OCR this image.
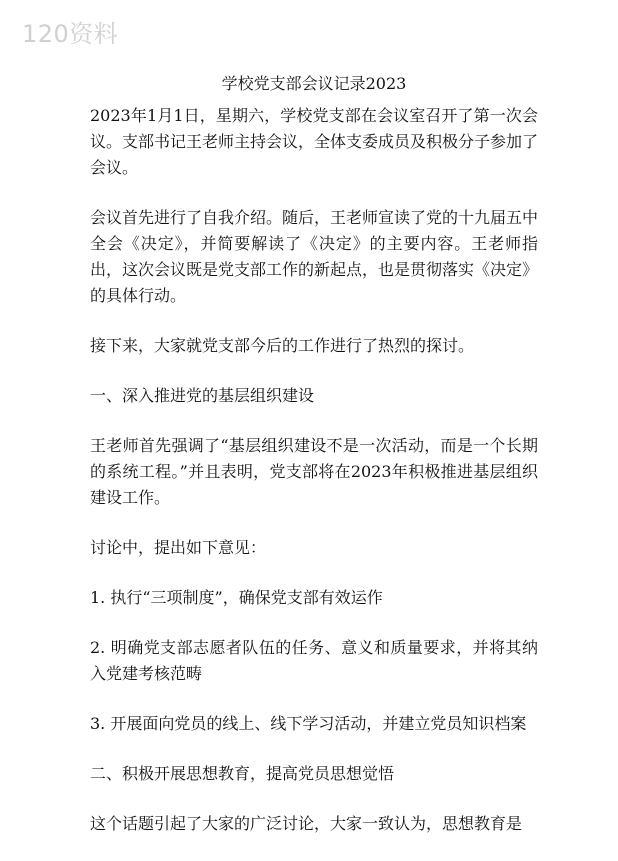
120资料
学校党支部会议记录2023

2023年1月1日，星期六，学校党支部在会议室召开了第一次会议。支部书记王老师主持会议，全体支委成员及积极分子参加了会议。

会议首先进行了自我介绍。随后，王老师宣读了党的十九届五中全会《决定》，并简要解读了《决定》的主要内容。王老师指出，这次会议既是党支部工作的新起点，也是贯彻落实《决定》的具体行动。

接下来，大家就党支部今后的工作进行了热烈的探讨。

一、深入推进党的基层组织建设

王老师首先强调了“基层组织建设不是一次活动，而是一个长期的系统工程。”并且表明，党支部将在2023年积极推进基层组织建设工作。

讨论中，提出如下意见：

1. 执行“三项制度”，确保党支部有效运作

2. 明确党支部志愿者队伍的任务、意义和质量要求，并将其纳入党建考核范畴

3. 开展面向党员的线上、线下学习活动，并建立党员知识档案

二、积极开展思想教育，提高党员思想觉悟

这个话题引起了大家的广泛讨论，大家一致认为，思想教育是
